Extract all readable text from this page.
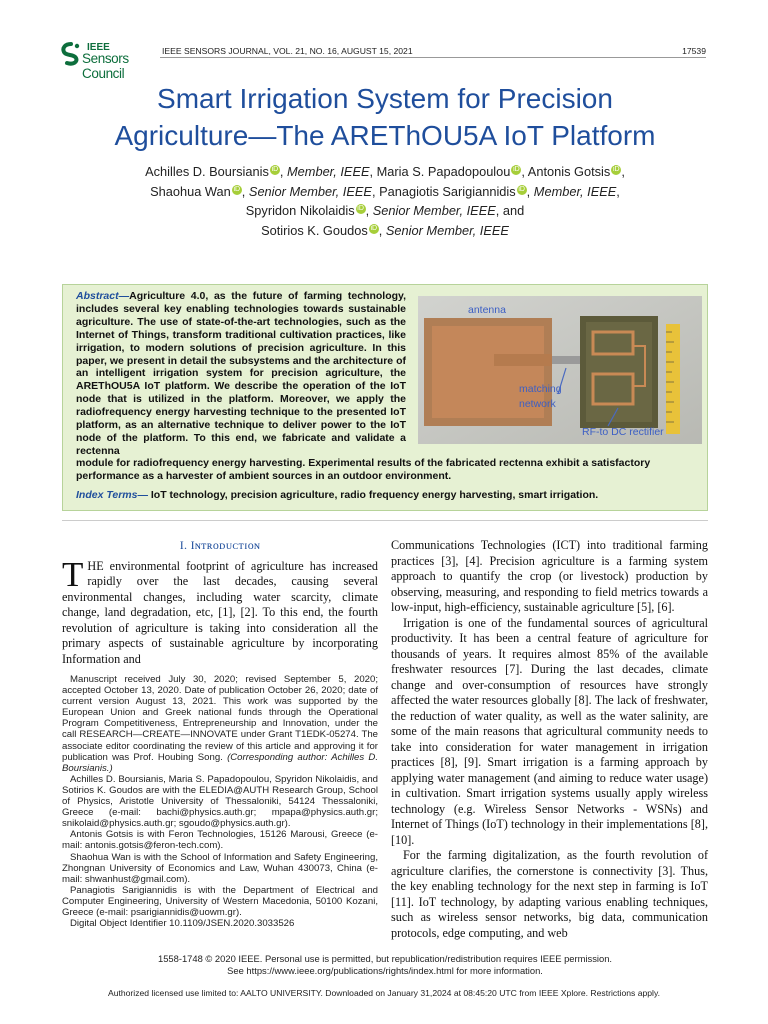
IEEE
Sensors Council
IEEE SENSORS JOURNAL, VOL. 21, NO. 16, AUGUST 15, 2021	17539
Smart Irrigation System for Precision
Agriculture—The AREThOU5A IoT Platform
Achilles D. Boursianis iD , Member, IEEE, Maria S. Papadopoulou iD , Antonis Gotsis iD ,
Shaohua Wan iD , Senior Member, IEEE, Panagiotis Sarigiannidis iD , Member, IEEE,
Spyridon Nikolaidis iD , Senior Member, IEEE, and
Sotirios K. Goudos iD , Senior Member, IEEE
Abstract—Agriculture 4.0, as the future of farming technology, includes several key enabling technologies towards sustainable agriculture. The use of state-of-the-art technologies, such as the Internet of Things, transform traditional cultivation practices, like irrigation, to modern solutions of precision agriculture. In this paper, we present in detail the subsystems and the architecture of an intelligent irrigation system for precision agriculture, the AREThOU5A IoT platform. We describe the operation of the IoT node that is utilized in the platform. Moreover, we apply the radiofrequency energy harvesting technique to the presented IoT platform, as an alternative technique to deliver power to the IoT node of the platform. To this end, we fabricate and validate a rectenna
module for radiofrequency energy harvesting. Experimental results of the fabricated rectenna exhibit a satisfactory performance as a harvester of ambient sources in an outdoor environment.
Index Terms— IoT technology, precision agriculture, radio frequency energy harvesting, smart irrigation.
antenna
matching
network
RF-to DC rectifier
I. Iɴᴛʀᴏᴅᴜᴄᴛɪᴏɴ
THE environmental footprint of agriculture has increased rapidly over the last decades, causing several environmental changes, including water scarcity, climate change, land degradation, etc, [1], [2]. To this end, the fourth revolution of agriculture is taking into consideration all the primary aspects of sustainable agriculture by incorporating Information and

Manuscript received July 30, 2020; revised September 5, 2020; accepted October 13, 2020. Date of publication October 26, 2020; date of current version August 13, 2021. This work was supported by the European Union and Greek national funds through the Operational Program Competitiveness, Entrepreneurship and Innovation, under the call RESEARCH—CREATE—INNOVATE under Grant T1EDK-05274. The associate editor coordinating the review of this article and approving it for publication was Prof. Houbing Song. (Corresponding author: Achilles D. Boursianis.)

Achilles D. Boursianis, Maria S. Papadopoulou, Spyridon Nikolaidis, and Sotirios K. Goudos are with the ELEDIA@AUTH Research Group, School of Physics, Aristotle University of Thessaloniki, 54124 Thessaloniki, Greece (e-mail: bachi@physics.auth.gr; mpapa@physics.auth.gr; snikolaid@physics.auth.gr; sgoudo@physics.auth.gr).

Antonis Gotsis is with Feron Technologies, 15126 Marousi, Greece (e-mail: antonis.gotsis@feron-tech.com).

Shaohua Wan is with the School of Information and Safety Engineering, Zhongnan University of Economics and Law, Wuhan 430073, China (e-mail: shwanhust@gmail.com).

Panagiotis Sarigiannidis is with the Department of Electrical and Computer Engineering, University of Western Macedonia, 50100 Kozani, Greece (e-mail: psarigiannidis@uowm.gr).

Digital Object Identifier 10.1109/JSEN.2020.3033526

Communications Technologies (ICT) into traditional farming practices [3], [4]. Precision agriculture is a farming system approach to quantify the crop (or livestock) production by observing, measuring, and responding to field metrics towards a low-input, high-efficiency, sustainable agriculture [5], [6].
Irrigation is one of the fundamental sources of agricultural productivity. It has been a central feature of agriculture for thousands of years. It requires almost 85% of the available freshwater resources [7]. During the last decades, climate change and over-consumption of resources have strongly affected the water resources globally [8]. The lack of freshwater, the reduction of water quality, as well as the water salinity, are some of the main reasons that agricultural community needs to take into consideration for water management in irrigation practices [8], [9]. Smart irrigation is a farming approach by applying water management (and aiming to reduce water usage) in cultivation. Smart irrigation systems usually apply wireless technology (e.g. Wireless Sensor Networks - WSNs) and Internet of Things (IoT) technology in their implementations [8], [10].
For the farming digitalization, as the fourth revolution of agriculture clarifies, the cornerstone is connectivity [3]. Thus, the key enabling technology for the next step in farming is IoT [11]. IoT technology, by adapting various enabling techniques, such as wireless sensor networks, big data, communication protocols, edge computing, and web
1558-1748 © 2020 IEEE. Personal use is permitted, but republication/redistribution requires IEEE permission.
See https://www.ieee.org/publications/rights/index.html for more information.
Authorized licensed use limited to: AALTO UNIVERSITY. Downloaded on January 31,2024 at 08:45:20 UTC from IEEE Xplore. Restrictions apply.
